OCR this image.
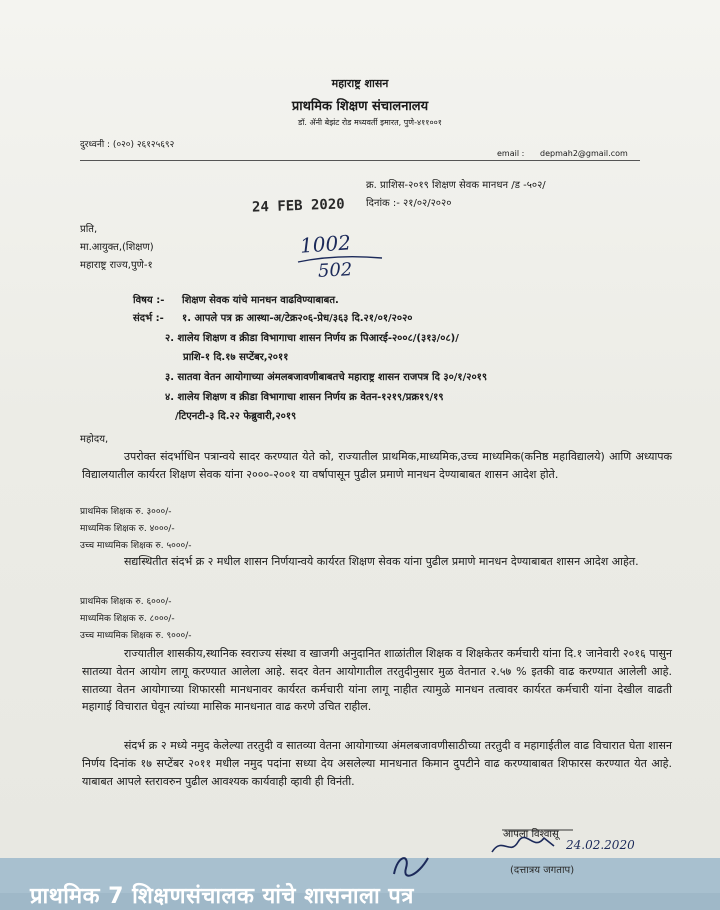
महाराष्ट्र शासन
प्राथमिक शिक्षण संचालनालय
डॉ. ॲनी बेझंट रोड मध्यवर्ती इमारत, पुणे-४११००१
दुरध्वनी : (०२०) २६१२५६९२
email : depmah2@gmail.com
क्र. प्राशिस-२०१९ शिक्षण सेवक मानधन /ड -५०२/
दिनांक :- २१/०२/२०२०
24 FEB 2020
प्रति,
मा.आयुक्त,(शिक्षण)
महाराष्ट्र राज्य,पुणे-१
1002
502
विषय :- शिक्षण सेवक यांचे मानधन वाढविण्याबाबत.
संदर्भ :- १. आपले पत्र क्र आस्था-अ/टेक्र२०६-प्रेध/३६३ दि.२१/०१/२०२०
२. शालेय शिक्षण व क्रीडा विभागाचा शासन निर्णय क्र पिआरई-२००८/(३१३/०८)/
प्राशि-१ दि.१७ सप्टेंबर,२०११
३. सातवा वेतन आयोगाच्या अंमलबजावणीबाबतचे महाराष्ट्र शासन राजपत्र दि ३०/१/२०१९
४. शालेय शिक्षण व क्रीडा विभागाचा शासन निर्णय क्र वेतन-१२१९/प्रक्र१९/१९
/टिएनटी-३ दि.२२ फेब्रुवारी,२०१९
महोदय,
उपरोक्त संदर्भाधिन पत्रान्वये सादर करण्यात येते को, राज्यातील प्राथमिक,माध्यमिक,उच्च माध्यमिक(कनिष्ठ महाविद्यालये) आणि अध्यापक विद्यालयातील कार्यरत शिक्षण सेवक यांना २०००-२००१ या वर्षापासून पुढील प्रमाणे मानधन देण्याबाबत शासन आदेश होते.
प्राथमिक शिक्षक रु. ३०००/-
माध्यमिक शिक्षक रु. ४०००/-
उच्च माध्यमिक शिक्षक रु. ५०००/-
सद्यस्थितीत संदर्भ क्र २ मधील शासन निर्णयान्वये कार्यरत शिक्षण सेवक यांना पुढील प्रमाणे मानधन देण्याबाबत शासन आदेश आहेत.
प्राथमिक शिक्षक रु. ६०००/-
माध्यमिक शिक्षक रु. ८०००/-
उच्च माध्यमिक शिक्षक रु. ९०००/-
राज्यातील शासकीय,स्थानिक स्वराज्य संस्था व खाजगी अनुदानित शाळांतील शिक्षक व शिक्षकेतर कर्मचारी यांना दि.१ जानेवारी २०१६ पासुन सातव्या वेतन आयोग लागू करण्यात आलेला आहे. सदर वेतन आयोगातील तरतुदीनुसार मुळ वेतनात २.५७ % इतकी वाढ करण्यात आलेली आहे. सातव्या वेतन आयोगाच्या शिफारसी मानधनावर कार्यरत कर्मचारी यांना लागू नाहीत त्यामुळे मानधन तत्वावर कार्यरत कर्मचारी यांना देखील वाढती महागाई विचारात घेवून त्यांच्या मासिक मानधनात वाढ करणे उचित राहील.
संदर्भ क्र २ मध्ये नमुद केलेल्या तरतुदी व सातव्या वेतना आयोगाच्या अंमलबजावणीसाठीच्या तरतुदी व महागाईतील वाढ विचारात घेता शासन निर्णय दिनांक १७ सप्टेंबर २०११ मधील नमुद पदांना सध्या देय असलेल्या मानधनात किमान दुपटीने वाढ करण्याबाबत शिफारस करण्यात येत आहे. याबाबत आपले स्तरावरुन पुढील आवश्यक कार्यवाही व्हावी ही विनंती.
आपला विश्वासू
24.02.2020
(दत्तात्रय जगताप)
प्राथमिक 7 शिक्षणसंचालक यांचे शासनाला पत्र
